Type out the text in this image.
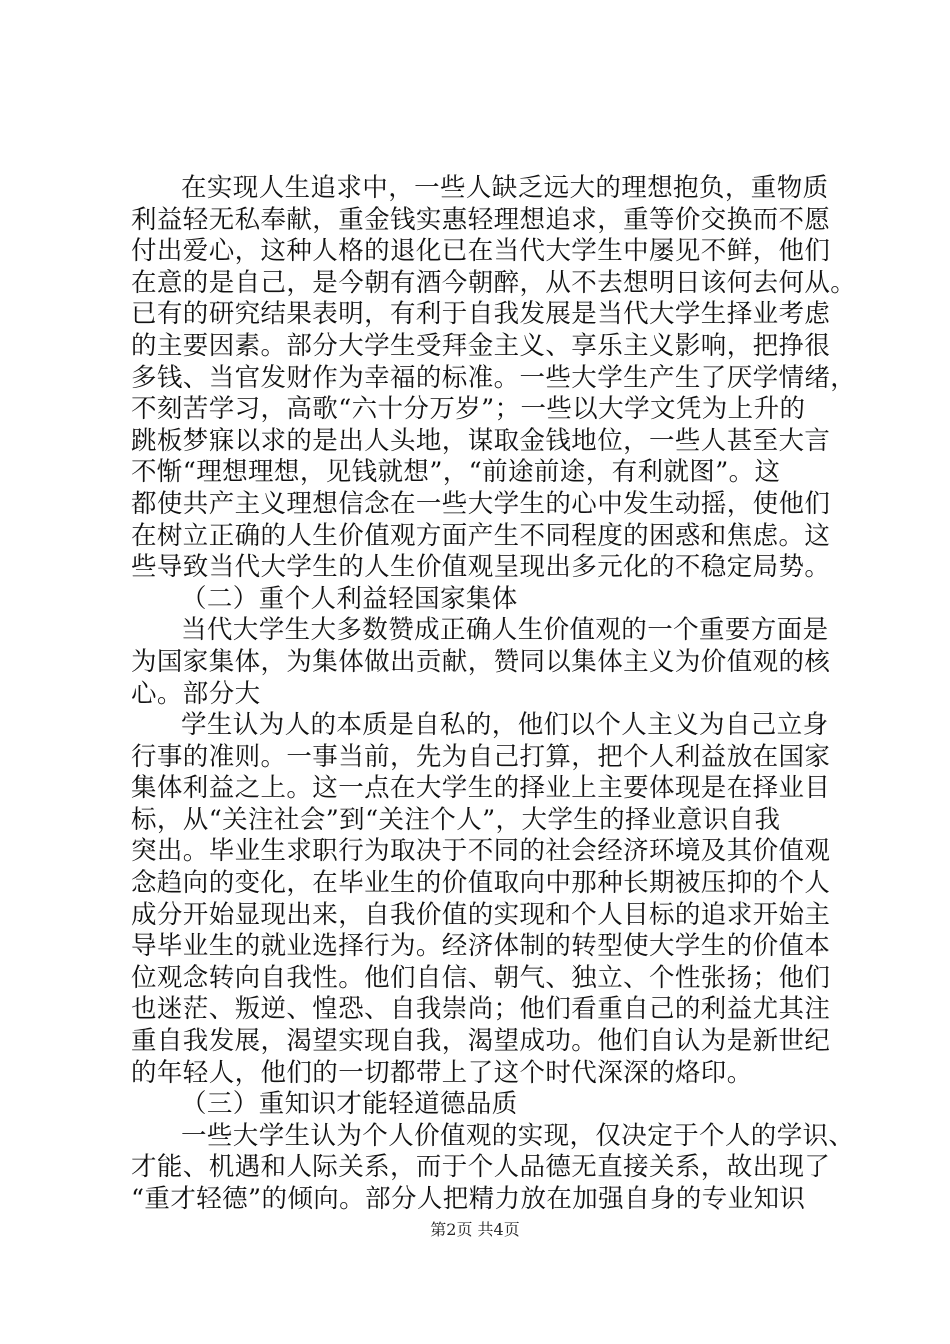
在实现人生追求中，一些人缺乏远大的理想抱负，重物质
利益轻无私奉献，重金钱实惠轻理想追求，重等价交换而不愿
付出爱心，这种人格的退化已在当代大学生中屡见不鲜，他们
在意的是自己，是今朝有酒今朝醉，从不去想明日该何去何从。
已有的研究结果表明，有利于自我发展是当代大学生择业考虑
的主要因素。部分大学生受拜金主义、享乐主义影响，把挣很
多钱、当官发财作为幸福的标准。一些大学生产生了厌学情绪，
不刻苦学习，高歌“六十分万岁”；一些以大学文凭为上升的
跳板梦寐以求的是出人头地，谋取金钱地位，一些人甚至大言
不惭“理想理想，见钱就想”，“前途前途，有利就图”。这
都使共产主义理想信念在一些大学生的心中发生动摇，使他们
在树立正确的人生价值观方面产生不同程度的困惑和焦虑。这
些导致当代大学生的人生价值观呈现出多元化的不稳定局势。
（二）重个人利益轻国家集体
当代大学生大多数赞成正确人生价值观的一个重要方面是
为国家集体，为集体做出贡献，赞同以集体主义为价值观的核
心。部分大
学生认为人的本质是自私的，他们以个人主义为自己立身
行事的准则。一事当前，先为自己打算，把个人利益放在国家
集体利益之上。这一点在大学生的择业上主要体现是在择业目
标，从“关注社会”到“关注个人”，大学生的择业意识自我
突出。毕业生求职行为取决于不同的社会经济环境及其价值观
念趋向的变化，在毕业生的价值取向中那种长期被压抑的个人
成分开始显现出来，自我价值的实现和个人目标的追求开始主
导毕业生的就业选择行为。经济体制的转型使大学生的价值本
位观念转向自我性。他们自信、朝气、独立、个性张扬；他们
也迷茫、叛逆、惶恐、自我崇尚；他们看重自己的利益尤其注
重自我发展，渴望实现自我，渴望成功。他们自认为是新世纪
的年轻人，他们的一切都带上了这个时代深深的烙印。
（三）重知识才能轻道德品质
一些大学生认为个人价值观的实现，仅决定于个人的学识、
才能、机遇和人际关系，而于个人品德无直接关系，故出现了
“重才轻德”的倾向。部分人把精力放在加强自身的专业知识
第2页 共4页
